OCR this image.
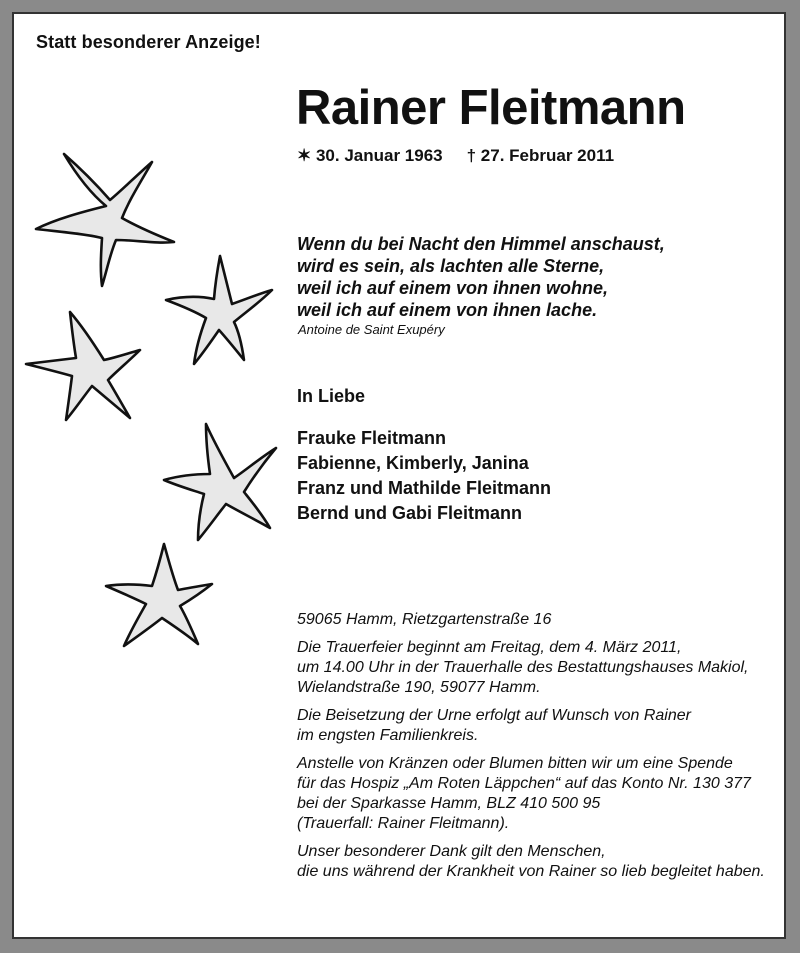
Statt besonderer Anzeige!
Rainer Fleitmann
✶ 30. Januar 1963 † 27. Februar 2011
Wenn du bei Nacht den Himmel anschaust,
wird es sein, als lachten alle Sterne,
weil ich auf einem von ihnen wohne,
weil ich auf einem von ihnen lache.
Antoine de Saint Exupéry
In Liebe
Frauke Fleitmann
Fabienne, Kimberly, Janina
Franz und Mathilde Fleitmann
Bernd und Gabi Fleitmann

59065 Hamm, Rietzgartenstraße 16

Die Trauerfeier beginnt am Freitag, dem 4. März 2011,
um 14.00 Uhr in der Trauerhalle des Bestattungshauses Makiol,
Wielandstraße 190, 59077 Hamm.

Die Beisetzung der Urne erfolgt auf Wunsch von Rainer
im engsten Familienkreis.

Anstelle von Kränzen oder Blumen bitten wir um eine Spende
für das Hospiz „Am Roten Läppchen“ auf das Konto Nr. 130 377
bei der Sparkasse Hamm, BLZ 410 500 95
(Trauerfall: Rainer Fleitmann).

Unser besonderer Dank gilt den Menschen,
die uns während der Krankheit von Rainer so lieb begleitet haben.
